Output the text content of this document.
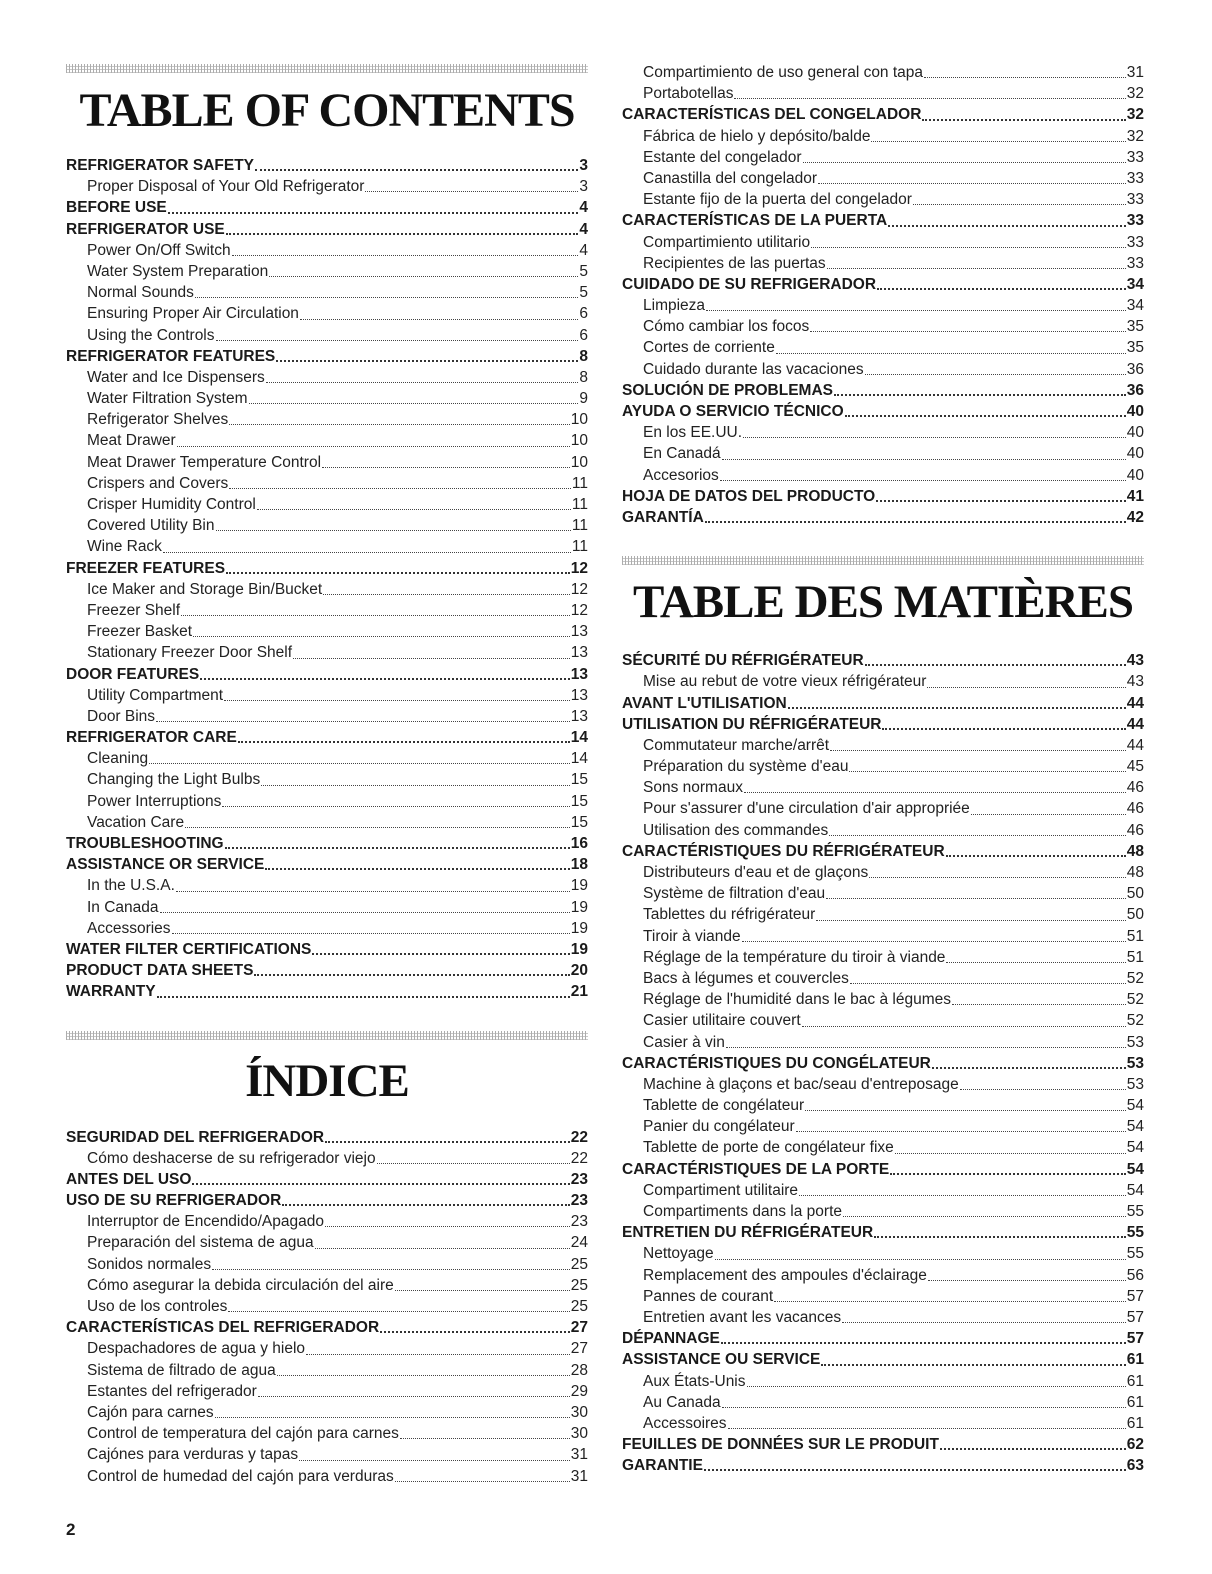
TABLE OF CONTENTS
REFRIGERATOR SAFETY	3
Proper Disposal of Your Old Refrigerator	3
BEFORE USE	4
REFRIGERATOR USE	4
Power On/Off Switch	4
Water System Preparation	5
Normal Sounds	5
Ensuring Proper Air Circulation	6
Using the Controls	6
REFRIGERATOR FEATURES	8
Water and Ice Dispensers	8
Water Filtration System	9
Refrigerator Shelves	10
Meat Drawer	10
Meat Drawer Temperature Control	10
Crispers and Covers	11
Crisper Humidity Control	11
Covered Utility Bin	11
Wine Rack	11
FREEZER FEATURES	12
Ice Maker and Storage Bin/Bucket	12
Freezer Shelf	12
Freezer Basket	13
Stationary Freezer Door Shelf	13
DOOR FEATURES	13
Utility Compartment	13
Door Bins	13
REFRIGERATOR CARE	14
Cleaning	14
Changing the Light Bulbs	15
Power Interruptions	15
Vacation Care	15
TROUBLESHOOTING	16
ASSISTANCE OR SERVICE	18
In the U.S.A.	19
In Canada	19
Accessories	19
WATER FILTER CERTIFICATIONS	19
PRODUCT DATA SHEETS	20
WARRANTY	21
ÍNDICE
SEGURIDAD DEL REFRIGERADOR	22
Cómo deshacerse de su refrigerador viejo	22
ANTES DEL USO	23
USO DE SU REFRIGERADOR	23
Interruptor de Encendido/Apagado	23
Preparación del sistema de agua	24
Sonidos normales	25
Cómo asegurar la debida circulación del aire	25
Uso de los controles	25
CARACTERÍSTICAS DEL REFRIGERADOR	27
Despachadores de agua y hielo	27
Sistema de filtrado de agua	28
Estantes del refrigerador	29
Cajón para carnes	30
Control de temperatura del cajón para carnes	30
Cajónes para verduras y tapas	31
Control de humedad del cajón para verduras	31
Compartimiento de uso general con tapa	31
Portabotellas	32
CARACTERÍSTICAS DEL CONGELADOR	32
Fábrica de hielo y depósito/balde	32
Estante del congelador	33
Canastilla del congelador	33
Estante fijo de la puerta del congelador	33
CARACTERÍSTICAS DE LA PUERTA	33
Compartimiento utilitario	33
Recipientes de las puertas	33
CUIDADO DE SU REFRIGERADOR	34
Limpieza	34
Cómo cambiar los focos	35
Cortes de corriente	35
Cuidado durante las vacaciones	36
SOLUCIÓN DE PROBLEMAS	36
AYUDA O SERVICIO TÉCNICO	40
En los EE.UU.	40
En Canadá	40
Accesorios	40
HOJA DE DATOS DEL PRODUCTO	41
GARANTÍA	42
TABLE DES MATIÈRES
SÉCURITÉ DU RÉFRIGÉRATEUR	43
Mise au rebut de votre vieux réfrigérateur	43
AVANT L'UTILISATION	44
UTILISATION DU RÉFRIGÉRATEUR	44
Commutateur marche/arrêt	44
Préparation du système d'eau	45
Sons normaux	46
Pour s'assurer d'une circulation d'air appropriée	46
Utilisation des commandes	46
CARACTÉRISTIQUES DU RÉFRIGÉRATEUR	48
Distributeurs d'eau et de glaçons	48
Système de filtration d'eau	50
Tablettes du réfrigérateur	50
Tiroir à viande	51
Réglage de la température du tiroir à viande	51
Bacs à légumes et couvercles	52
Réglage de l'humidité dans le bac à légumes	52
Casier utilitaire couvert	52
Casier à vin	53
CARACTÉRISTIQUES DU CONGÉLATEUR	53
Machine à glaçons et bac/seau d'entreposage	53
Tablette de congélateur	54
Panier du congélateur	54
Tablette de porte de congélateur fixe	54
CARACTÉRISTIQUES DE LA PORTE	54
Compartiment utilitaire	54
Compartiments dans la porte	55
ENTRETIEN DU RÉFRIGÉRATEUR	55
Nettoyage	55
Remplacement des ampoules d'éclairage	56
Pannes de courant	57
Entretien avant les vacances	57
DÉPANNAGE	57
ASSISTANCE OU SERVICE	61
Aux États-Unis	61
Au Canada	61
Accessoires	61
FEUILLES DE DONNÉES SUR LE PRODUIT	62
GARANTIE	63
2
